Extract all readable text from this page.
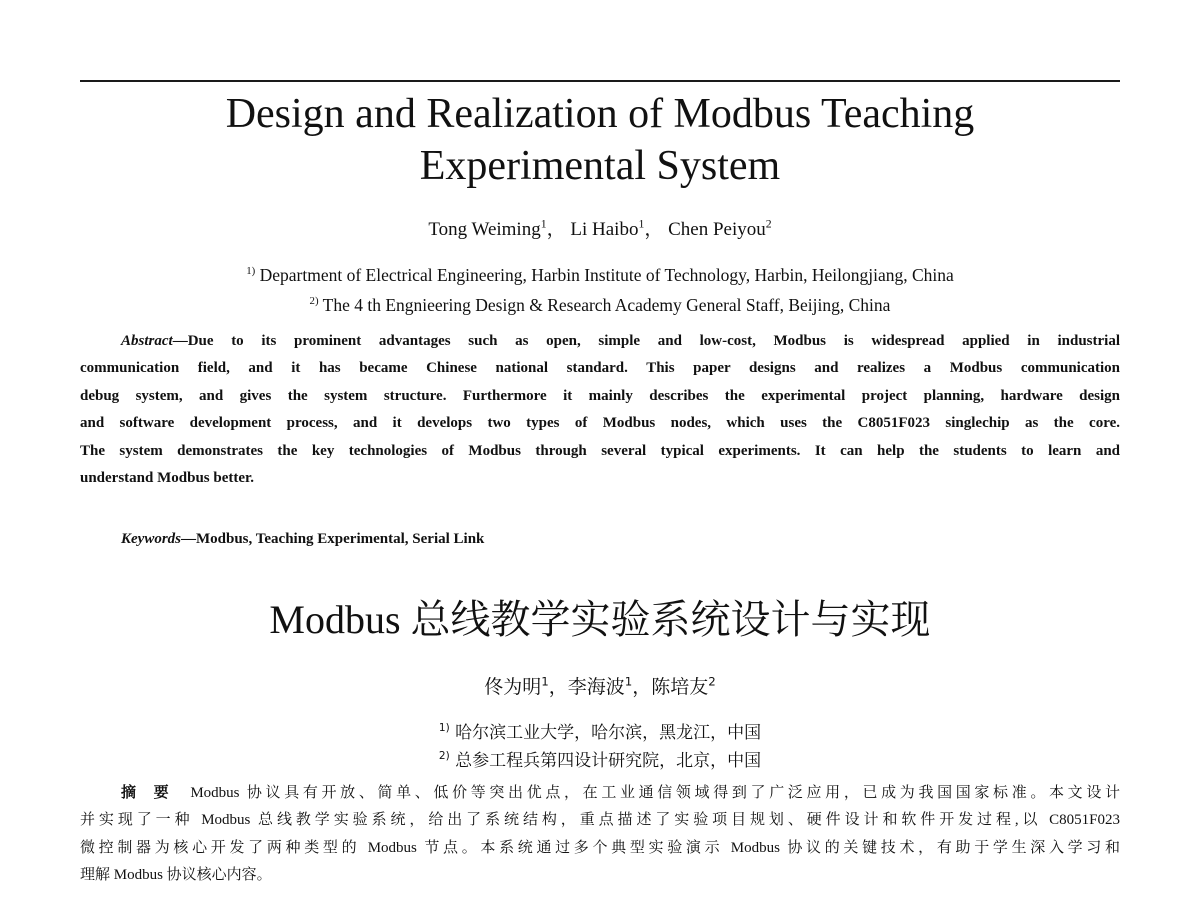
Design and Realization of Modbus Teaching
Experimental System
Tong Weiming$^1$， Li Haibo$^1$， Chen Peiyou$^2$
$^{1)}$ Department of Electrical Engineering, Harbin Institute of Technology, Harbin, Heilongjiang, China
$^{2)}$ The 4 th Engnieering Design & Research Academy General Staff, Beijing, China
Abstract—Due to its prominent advantages such as open, simple and low-cost, Modbus is widespread applied in industrial
communication field, and it has became Chinese national standard. This paper designs and realizes a Modbus communication
debug system, and gives the system structure. Furthermore it mainly describes the experimental project planning, hardware design
and software development process, and it develops two types of Modbus nodes, which uses the C8051F023 singlechip as the core.
The system demonstrates the key technologies of Modbus through several typical experiments. It can help the students to learn and
understand Modbus better.
Keywords—Modbus, Teaching Experimental, Serial Link
Modbus 总线教学实验系统设计与实现
佟为明$^1$，李海波$^1$，陈培友$^2$
$^{1)}$ 哈尔滨工业大学，哈尔滨，黑龙江，中国
$^{2)}$ 总参工程兵第四设计研究院，北京，中国
摘要 Modbus 协议具有开放、简单、低价等突出优点，在工业通信领域得到了广泛应用，已成为我国国家标准。本文设计
并实现了一种 Modbus 总线教学实验系统，给出了系统结构，重点描述了实验项目规划、硬件设计和软件开发过程,以 C8051F023
微控制器为核心开发了两种类型的 Modbus 节点。本系统通过多个典型实验演示 Modbus 协议的关键技术，有助于学生深入学习和
理解 Modbus 协议核心内容。
